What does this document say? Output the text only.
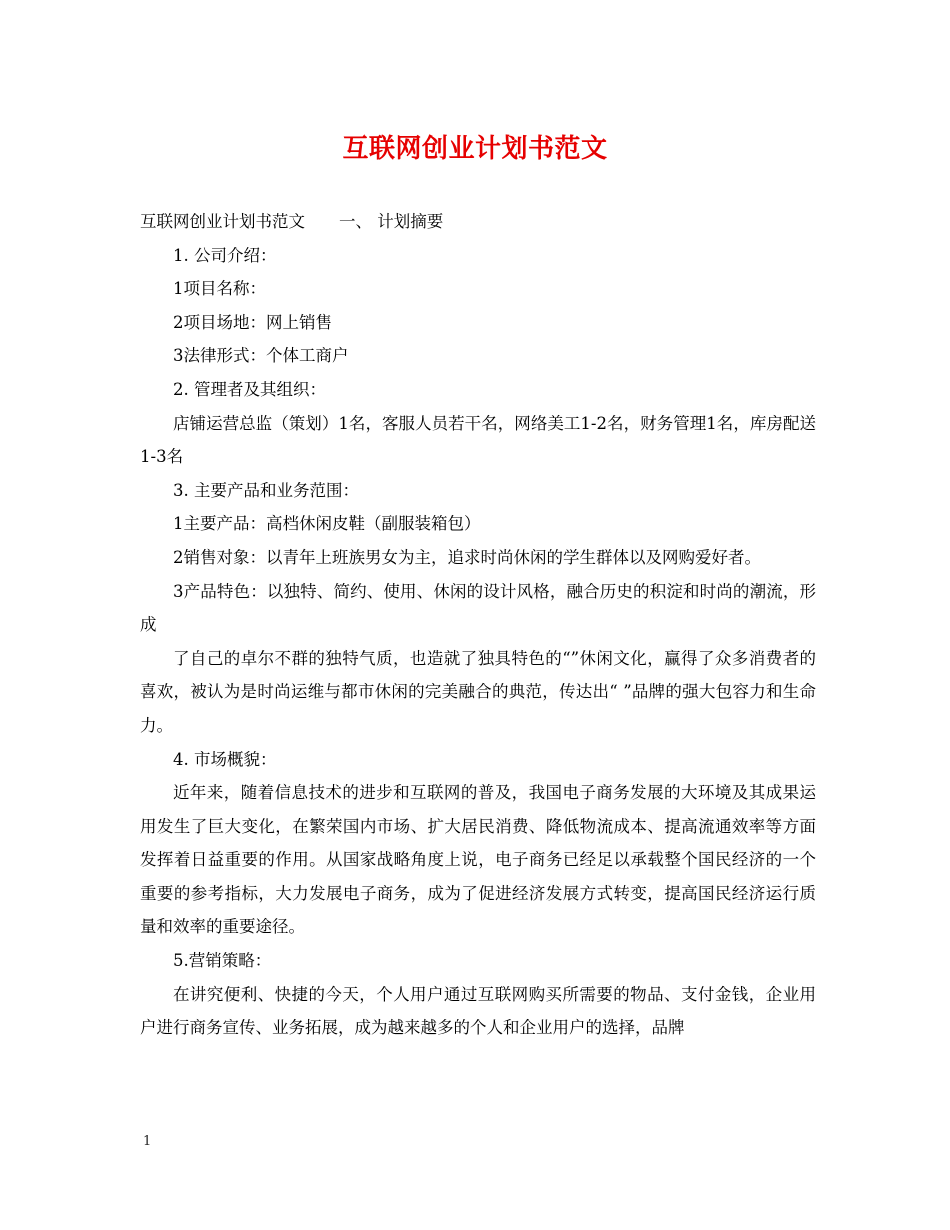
互联网创业计划书范文

互联网创业计划书范文 一、 计划摘要

1. 公司介绍：

1项目名称：

2项目场地：网上销售

3法律形式：个体工商户

2. 管理者及其组织：

店铺运营总监（策划）1名，客服人员若干名，网络美工1-2名，财务管理1名，库房配送1-3名

3. 主要产品和业务范围：

1主要产品：高档休闲皮鞋（副服装箱包）

2销售对象：以青年上班族男女为主，追求时尚休闲的学生群体以及网购爱好者。

3产品特色：以独特、简约、使用、休闲的设计风格，融合历史的积淀和时尚的潮流，形成

了自己的卓尔不群的独特气质，也造就了独具特色的“”休闲文化，赢得了众多消费者的喜欢，被认为是时尚运维与都市休闲的完美融合的典范，传达出“ ”品牌的强大包容力和生命力。

4. 市场概貌：

近年来，随着信息技术的进步和互联网的普及，我国电子商务发展的大环境及其成果运用发生了巨大变化，在繁荣国内市场、扩大居民消费、降低物流成本、提高流通效率等方面发挥着日益重要的作用。从国家战略角度上说，电子商务已经足以承载整个国民经济的一个重要的参考指标，大力发展电子商务，成为了促进经济发展方式转变，提高国民经济运行质量和效率的重要途径。

5.营销策略：

在讲究便利、快捷的今天，个人用户通过互联网购买所需要的物品、支付金钱，企业用户进行商务宣传、业务拓展，成为越来越多的个人和企业用户的选择，品牌

1
